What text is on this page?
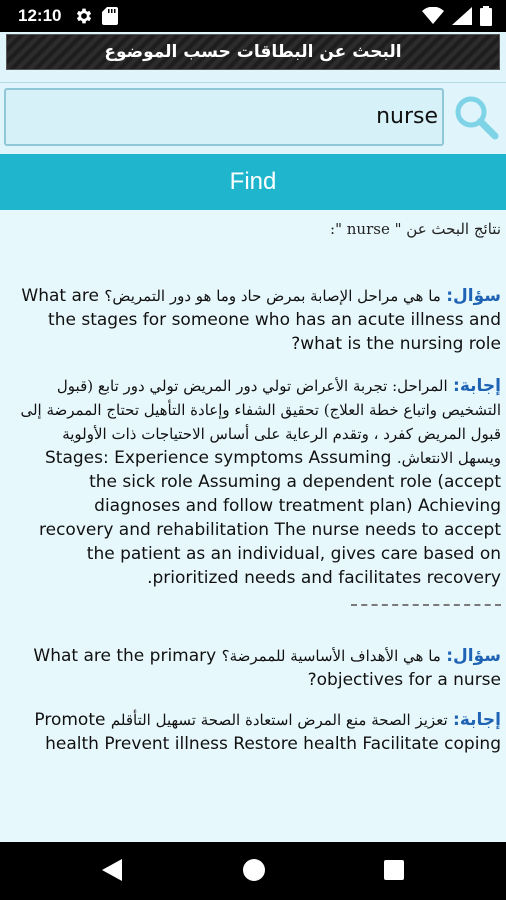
12:10
البحث عن البطاقات حسب الموضوع
nurse
Find
نتائج البحث عن " nurse ":
سؤال: ما هي مراحل الإصابة بمرض حاد وما هو دور التمريض؟ What are the stages for someone who has an acute illness and what is the nursing role?
إجابة: المراحل: تجربة الأعراض تولي دور المريض تولي دور تابع (قبول التشخيص واتباع خطة العلاج) تحقيق الشفاء وإعادة التأهيل تحتاج الممرضة إلى قبول المريض كفرد ، وتقدم الرعاية على أساس الاحتياجات ذات الأولوية ويسهل الانتعاش. Stages: Experience symptoms Assuming the sick role Assuming a dependent role (accept diagnoses and follow treatment plan) Achieving recovery and rehabilitation The nurse needs to accept the patient as an individual, gives care based on prioritized needs and facilitates recovery.
سؤال: ما هي الأهداف الأساسية للممرضة؟ What are the primary objectives for a nurse?
إجابة: تعزيز الصحة منع المرض استعادة الصحة تسهيل التأقلم Promote health Prevent illness Restore health Facilitate coping
